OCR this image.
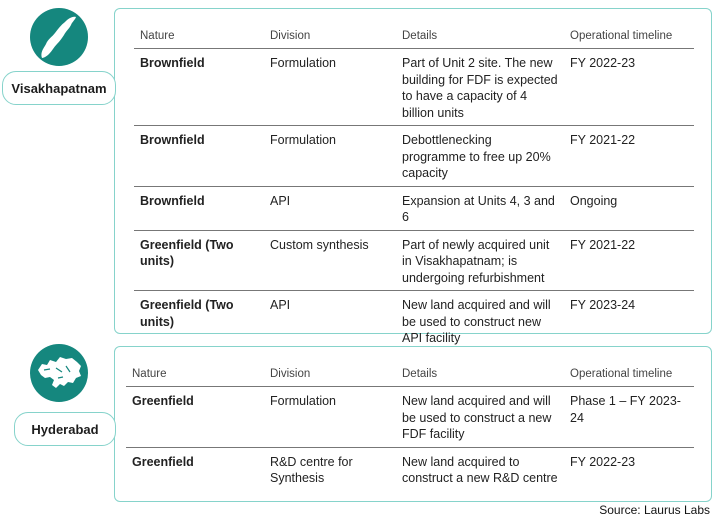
Visakhapatnam
Nature	Division	Details	Operational timeline
Brownfield	Formulation	Part of Unit 2 site. The new building for FDF is expected to have a capacity of 4 billion units	FY 2022-23
Brownfield	Formulation	Debottlenecking programme to free up 20% capacity	FY 2021-22
Brownfield	API	Expansion at Units 4, 3 and 6	Ongoing
Greenfield (Two units)	Custom synthesis	Part of newly acquired unit in Visakhapatnam; is undergoing refurbishment	FY 2021-22
Greenfield (Two units)	API	New land acquired and will be used to construct new API facility	FY 2023-24
Hyderabad
Nature	Division	Details	Operational timeline
Greenfield	Formulation	New land acquired and will be used to construct a new FDF facility	Phase 1 – FY 2023-24
Greenfield	R&D centre for Synthesis	New land acquired to construct a new R&D centre	FY 2022-23
Source: Laurus Labs
